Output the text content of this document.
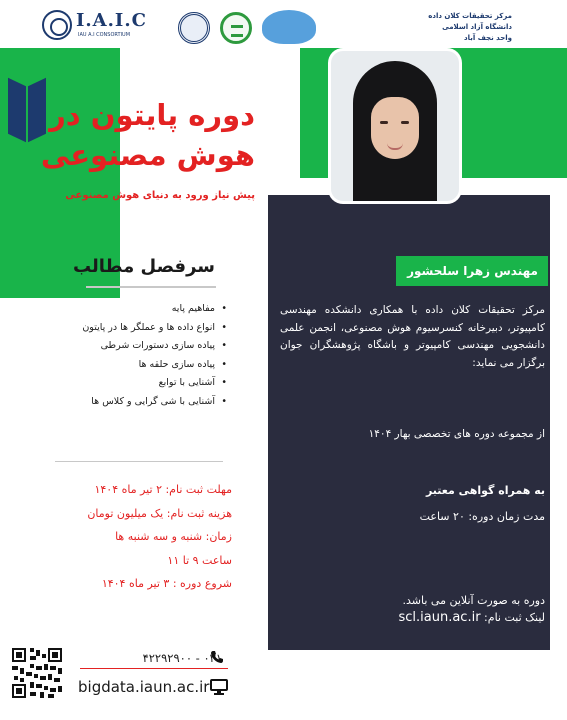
I.A.I.C
IAU A.I CONSORTIUM
مرکز تحقیقات کلان داده
دانشگاه آزاد اسلامی
واحد نجف آباد
دوره پایتون در
هوش مصنوعی
پیش نیاز ورود به دنیای هوش مصنوعی
مهندس زهرا سلحشور
سرفصل مطالب
• مفاهیم پایه
• انواع داده ها و عملگر ها در پایتون
• پیاده سازی دستورات شرطی
• پیاده سازی حلقه ها
• آشنایی با توابع
• آشنایی با شی گرایی و کلاس ها
مهلت ثبت نام: ۲ تیر ماه ۱۴۰۴
هزینه ثبت نام: یک میلیون تومان
زمان: شنبه و سه شنبه ها
ساعت ۹ تا ۱۱
شروع دوره : ۳ تیر ماه ۱۴۰۴
مرکز تحقیقات کلان داده با همکاری دانشکده مهندسی کامپیوتر، دبیرخانه کنسرسیوم هوش مصنوعی، انجمن علمی دانشجویی مهندسی کامپیوتر و باشگاه پژوهشگران جوان برگزار می نماید:
از مجموعه دوره های تخصصی بهار ۱۴۰۴
به همراه گواهی معتبر
مدت زمان دوره: ۲۰ ساعت
دوره به صورت آنلاین می باشد.
لینک ثبت نام: scl.iaun.ac.ir
۰۳۱ - ۴۲۲۹۲۹۰۰
bigdata.iaun.ac.ir
